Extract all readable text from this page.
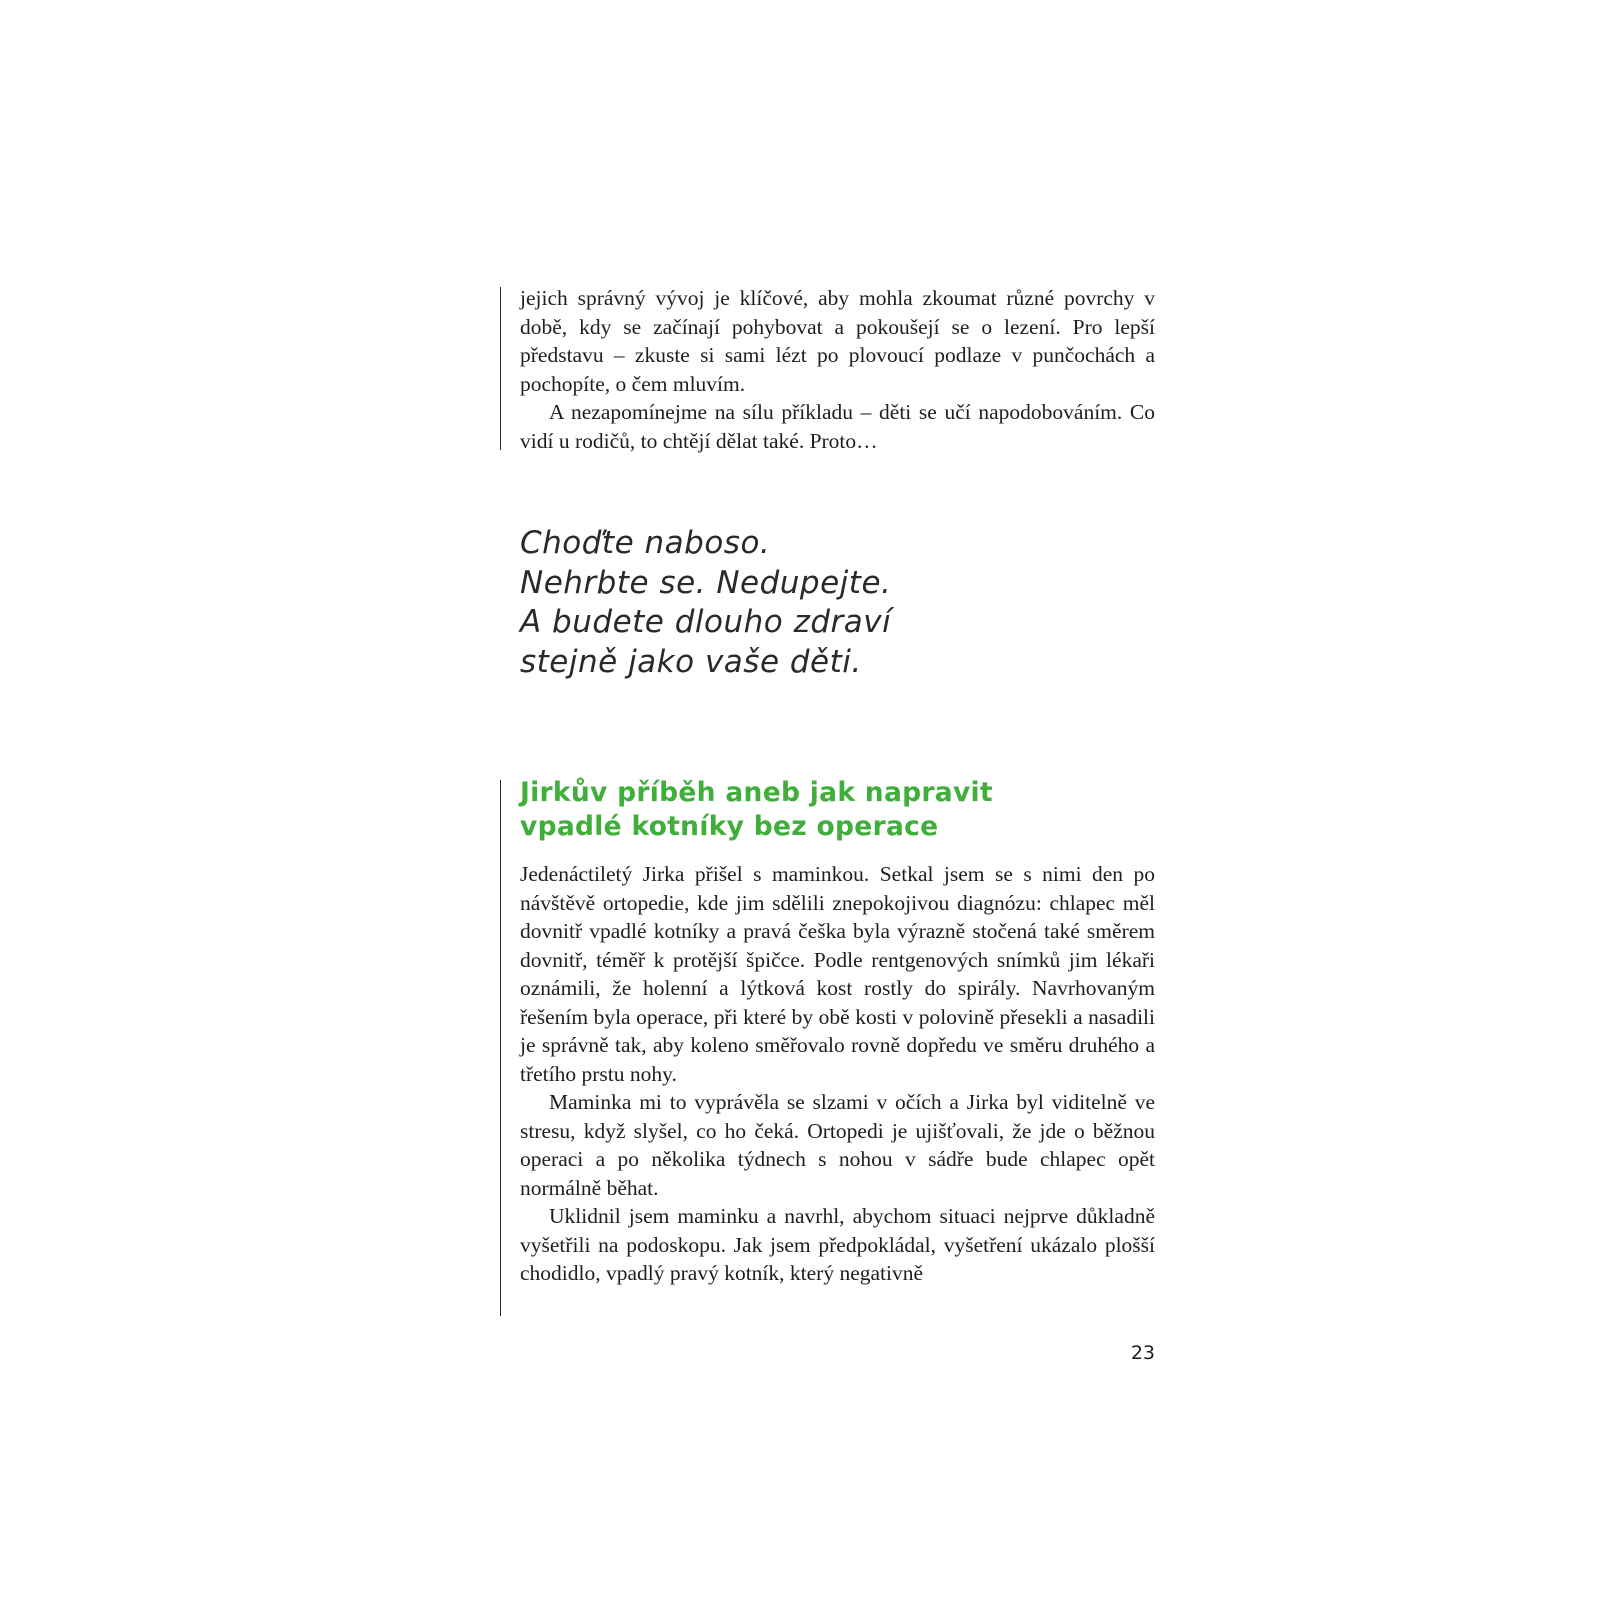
jejich správný vývoj je klíčové, aby mohla zkoumat různé povrchy v době, kdy se začínají pohybovat a pokoušejí se o lezení. Pro lepší představu – zkuste si sami lézt po plovoucí podlaze v punčochách a pochopíte, o čem mluvím.

A nezapomínejme na sílu příkladu – děti se učí napodobováním. Co vidí u rodičů, to chtějí dělat také. Proto…

Choďte naboso.
Nehrbte se. Nedupejte.
A budete dlouho zdraví
stejně jako vaše děti.
Jirkův příběh aneb jak napravit
vpadlé kotníky bez operace

Jedenáctiletý Jirka přišel s maminkou. Setkal jsem se s nimi den po návštěvě ortopedie, kde jim sdělili znepokojivou diagnózu: chlapec měl dovnitř vpadlé kotníky a pravá češka byla výrazně stočená také směrem dovnitř, téměř k protější špičce. Podle rentgenových snímků jim lékaři oznámili, že holenní a lýtková kost rostly do spirály. Navrhovaným řešením byla operace, při které by obě kosti v polovině přesekli a nasadili je správně tak, aby koleno směřovalo rovně dopředu ve směru druhého a třetího prstu nohy.

Maminka mi to vyprávěla se slzami v očích a Jirka byl viditelně ve stresu, když slyšel, co ho čeká. Ortopedi je ujišťovali, že jde o běžnou operaci a po několika týdnech s nohou v sádře bude chlapec opět normálně běhat.

Uklidnil jsem maminku a navrhl, abychom situaci nejprve důkladně vyšetřili na podoskopu. Jak jsem předpokládal, vyšetření ukázalo plošší chodidlo, vpadlý pravý kotník, který negativně

23
